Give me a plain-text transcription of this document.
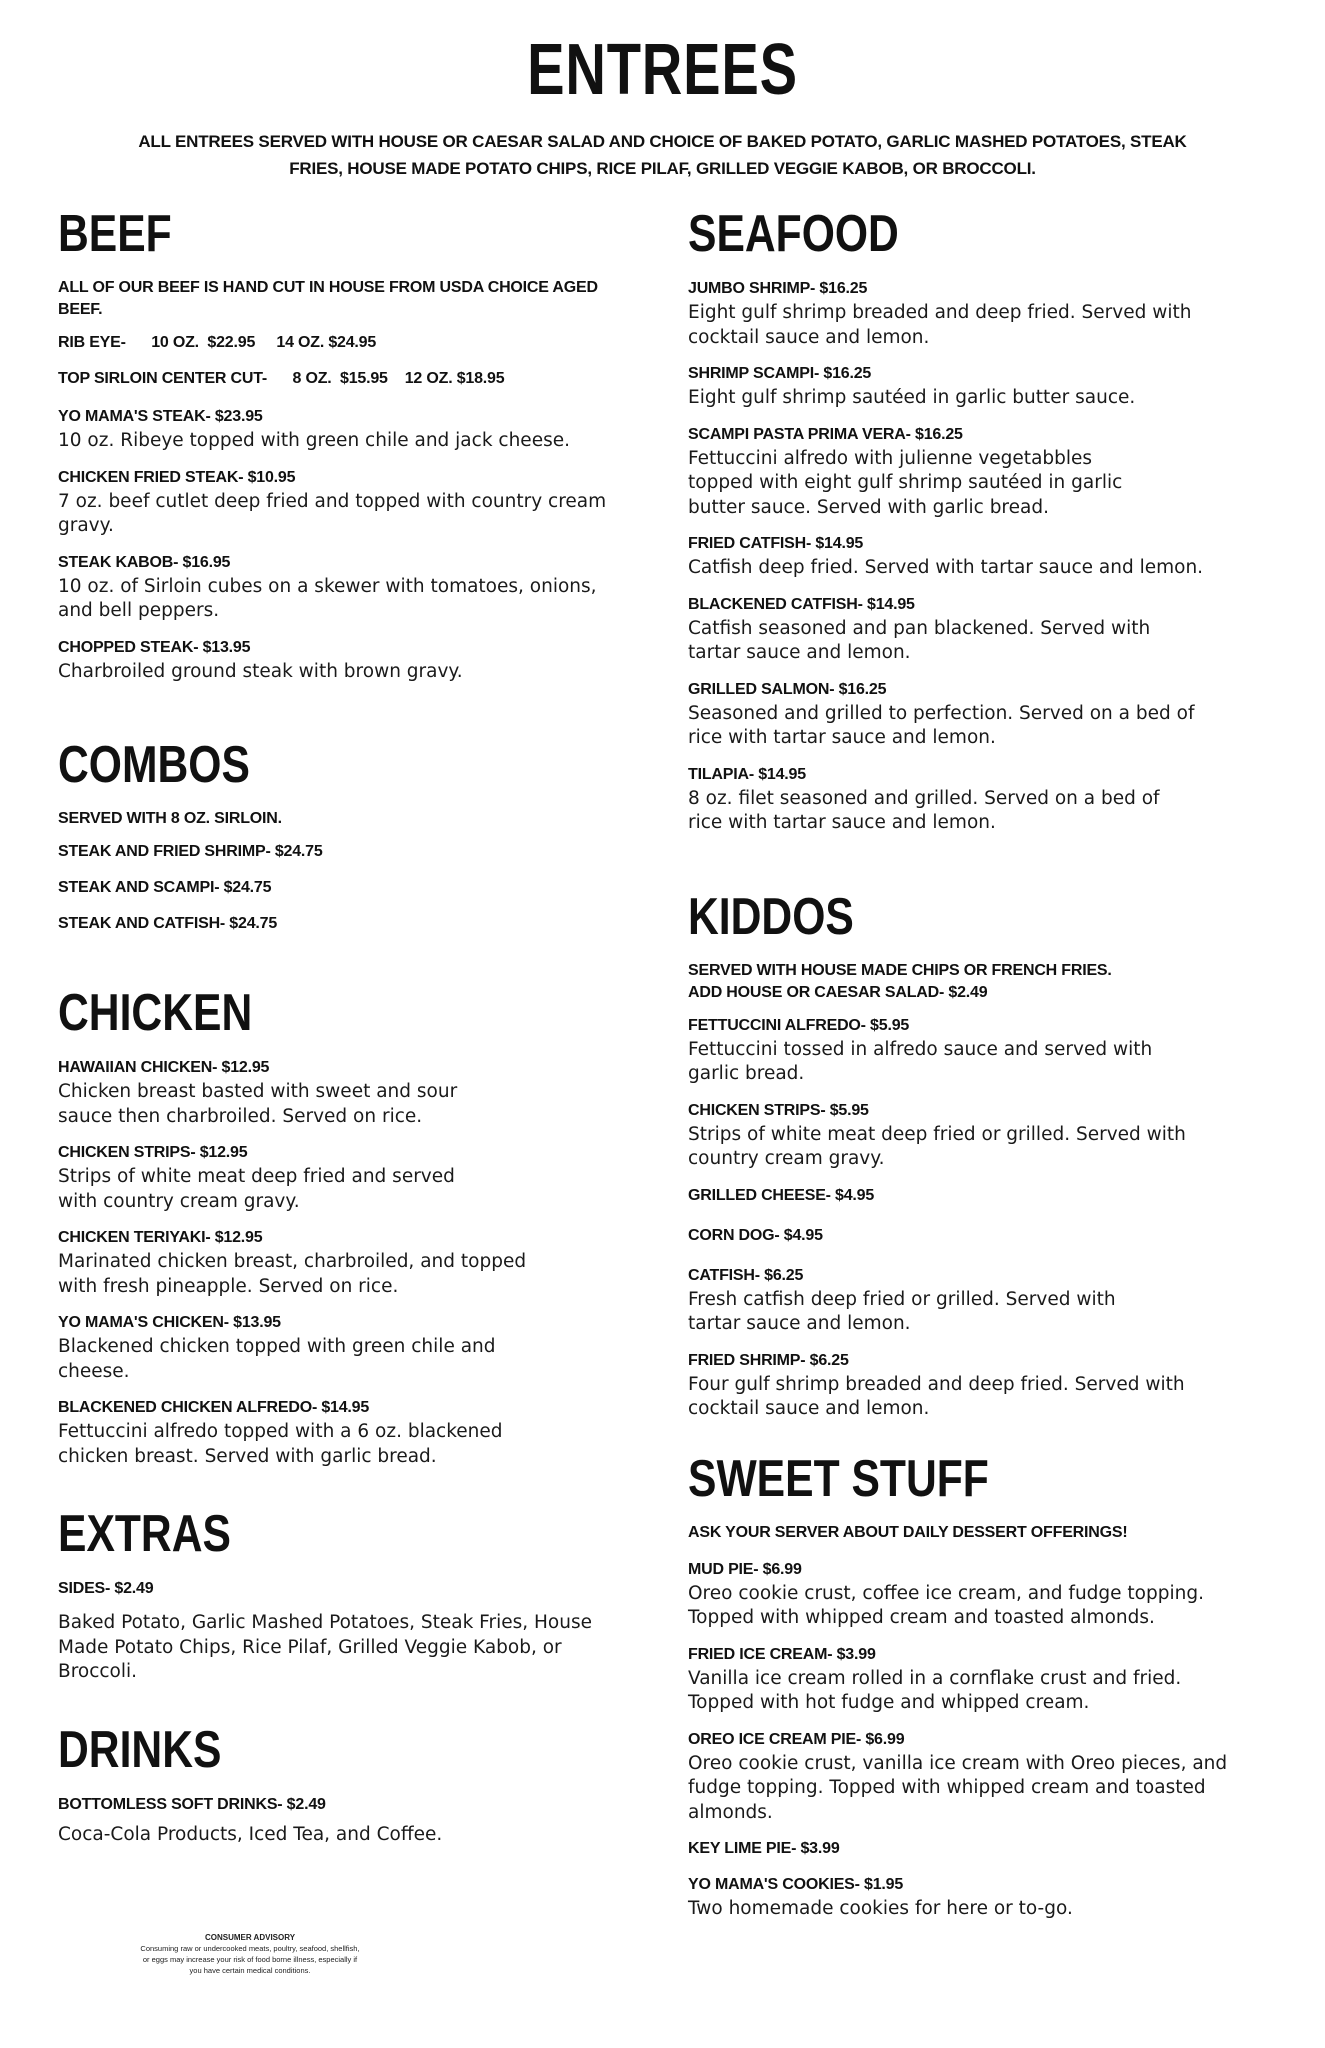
ENTREES
ALL ENTREES SERVED WITH HOUSE OR CAESAR SALAD AND CHOICE OF BAKED POTATO, GARLIC MASHED POTATOES, STEAK FRIES, HOUSE MADE POTATO CHIPS, RICE PILAF, GRILLED VEGGIE KABOB, OR BROCCOLI.
BEEF
ALL OF OUR BEEF IS HAND CUT IN HOUSE FROM USDA CHOICE AGED BEEF.
RIB EYE-      10 OZ.  $22.95     14 OZ. $24.95
TOP SIRLOIN CENTER CUT-      8 OZ.  $15.95    12 OZ. $18.95
YO MAMA'S STEAK- $23.95
10 oz. Ribeye topped with green chile and jack cheese.
CHICKEN FRIED STEAK- $10.95
7 oz. beef cutlet deep fried and topped with country cream gravy.
STEAK KABOB- $16.95
10 oz. of Sirloin cubes on a skewer with tomatoes, onions, and bell peppers.
CHOPPED STEAK- $13.95
Charbroiled ground steak with brown gravy.
COMBOS
SERVED WITH 8 OZ. SIRLOIN.
STEAK AND FRIED SHRIMP- $24.75
STEAK AND SCAMPI- $24.75
STEAK AND CATFISH- $24.75
CHICKEN
HAWAIIAN CHICKEN- $12.95
Chicken breast basted with sweet and sour sauce then charbroiled. Served on rice.
CHICKEN STRIPS- $12.95
Strips of white meat deep fried and served with country cream gravy.
CHICKEN TERIYAKI- $12.95
Marinated chicken breast, charbroiled, and topped with fresh pineapple. Served on rice.
YO MAMA'S CHICKEN- $13.95
Blackened chicken topped with green chile and cheese.
BLACKENED CHICKEN ALFREDO- $14.95
Fettuccini alfredo topped with a 6 oz. blackened chicken breast. Served with garlic bread.
EXTRAS
SIDES- $2.49
Baked Potato, Garlic Mashed Potatoes, Steak Fries, House Made Potato Chips, Rice Pilaf, Grilled Veggie Kabob, or Broccoli.
DRINKS
BOTTOMLESS SOFT DRINKS- $2.49
Coca-Cola Products, Iced Tea, and Coffee.
SEAFOOD
JUMBO SHRIMP- $16.25
Eight gulf shrimp breaded and deep fried. Served with cocktail sauce and lemon.
SHRIMP SCAMPI- $16.25
Eight gulf shrimp sautéed in garlic butter sauce.
SCAMPI PASTA PRIMA VERA- $16.25
Fettuccini alfredo with julienne vegetabbles topped with eight gulf shrimp sautéed in garlic butter sauce. Served with garlic bread.
FRIED CATFISH- $14.95
Catfish deep fried. Served with tartar sauce and lemon.
BLACKENED CATFISH- $14.95
Catfish seasoned and pan blackened. Served with tartar sauce and lemon.
GRILLED SALMON- $16.25
Seasoned and grilled to perfection. Served on a bed of rice with tartar sauce and lemon.
TILAPIA- $14.95
8 oz. filet seasoned and grilled. Served on a bed of rice with tartar sauce and lemon.
KIDDOS
SERVED WITH HOUSE MADE CHIPS OR FRENCH FRIES.
ADD HOUSE OR CAESAR SALAD- $2.49
FETTUCCINI ALFREDO- $5.95
Fettuccini tossed in alfredo sauce and served with garlic bread.
CHICKEN STRIPS- $5.95
Strips of white meat deep fried or grilled. Served with country cream gravy.
GRILLED CHEESE- $4.95
CORN DOG- $4.95
CATFISH- $6.25
Fresh catfish deep fried or grilled. Served with tartar sauce and lemon.
FRIED SHRIMP- $6.25
Four gulf shrimp breaded and deep fried. Served with cocktail sauce and lemon.
SWEET STUFF
ASK YOUR SERVER ABOUT DAILY DESSERT OFFERINGS!
MUD PIE- $6.99
Oreo cookie crust, coffee ice cream, and fudge topping. Topped with whipped cream and toasted almonds.
FRIED ICE CREAM- $3.99
Vanilla ice cream rolled in a cornflake crust and fried. Topped with hot fudge and whipped cream.
OREO ICE CREAM PIE- $6.99
Oreo cookie crust, vanilla ice cream with Oreo pieces, and fudge topping. Topped with whipped cream and toasted almonds.
KEY LIME PIE- $3.99
YO MAMA'S COOKIES- $1.95
Two homemade cookies for here or to-go.
CONSUMER ADVISORY
Consuming raw or undercooked meats, poultry, seafood, shellfish, or eggs may increase your risk of food borne illness, especially if you have certain medical conditions.
